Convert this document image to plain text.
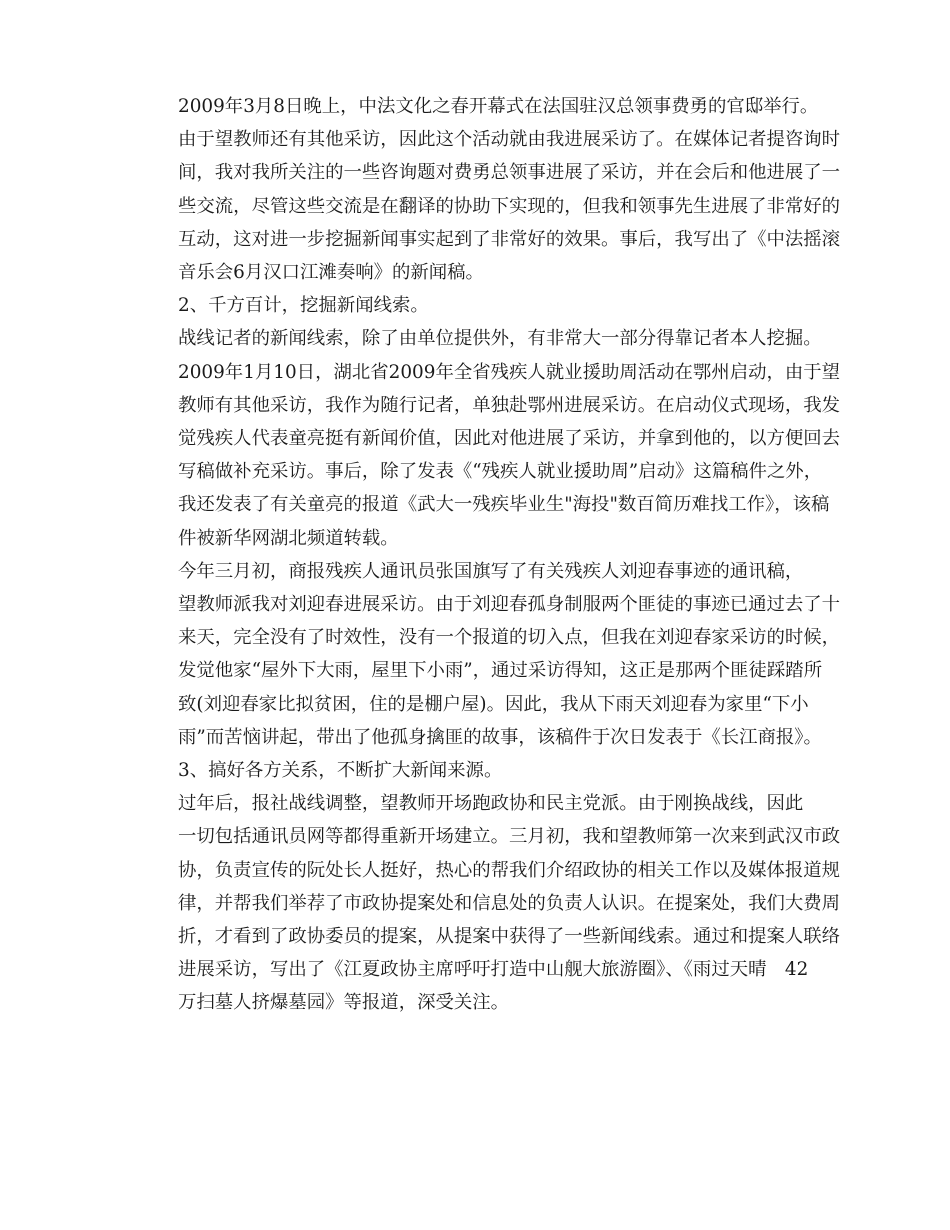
2009年3月8日晚上，中法文化之春开幕式在法国驻汉总领事费勇的官邸举行。
由于望教师还有其他采访，因此这个活动就由我进展采访了。在媒体记者提咨询时
间，我对我所关注的一些咨询题对费勇总领事进展了采访，并在会后和他进展了一
些交流，尽管这些交流是在翻译的协助下实现的，但我和领事先生进展了非常好的
互动，这对进一步挖掘新闻事实起到了非常好的效果。事后，我写出了《中法摇滚
音乐会6月汉口江滩奏响》的新闻稿。

2、千方百计，挖掘新闻线索。

战线记者的新闻线索，除了由单位提供外，有非常大一部分得靠记者本人挖掘。
2009年1月10日，湖北省2009年全省残疾人就业援助周活动在鄂州启动，由于望
教师有其他采访，我作为随行记者，单独赴鄂州进展采访。在启动仪式现场，我发
觉残疾人代表童亮挺有新闻价值，因此对他进展了采访，并拿到他的，以方便回去
写稿做补充采访。事后，除了发表《“残疾人就业援助周”启动》这篇稿件之外，
我还发表了有关童亮的报道《武大一残疾毕业生"海投"数百简历难找工作》，该稿
件被新华网湖北频道转载。

今年三月初，商报残疾人通讯员张国旗写了有关残疾人刘迎春事迹的通讯稿，
望教师派我对刘迎春进展采访。由于刘迎春孤身制服两个匪徒的事迹已通过去了十
来天，完全没有了时效性，没有一个报道的切入点，但我在刘迎春家采访的时候，
发觉他家“屋外下大雨，屋里下小雨”，通过采访得知，这正是那两个匪徒踩踏所
致(刘迎春家比拟贫困，住的是棚户屋)。因此，我从下雨天刘迎春为家里“下小
雨”而苦恼讲起，带出了他孤身擒匪的故事，该稿件于次日发表于《长江商报》。

3、搞好各方关系，不断扩大新闻来源。

过年后，报社战线调整，望教师开场跑政协和民主党派。由于刚换战线，因此
一切包括通讯员网等都得重新开场建立。三月初，我和望教师第一次来到武汉市政
协，负责宣传的阮处长人挺好，热心的帮我们介绍政协的相关工作以及媒体报道规
律，并帮我们举荐了市政协提案处和信息处的负责人认识。在提案处，我们大费周
折，才看到了政协委员的提案，从提案中获得了一些新闻线索。通过和提案人联络
进展采访，写出了《江夏政协主席呼吁打造中山舰大旅游圈》、《雨过天晴　42
万扫墓人挤爆墓园》等报道，深受关注。
